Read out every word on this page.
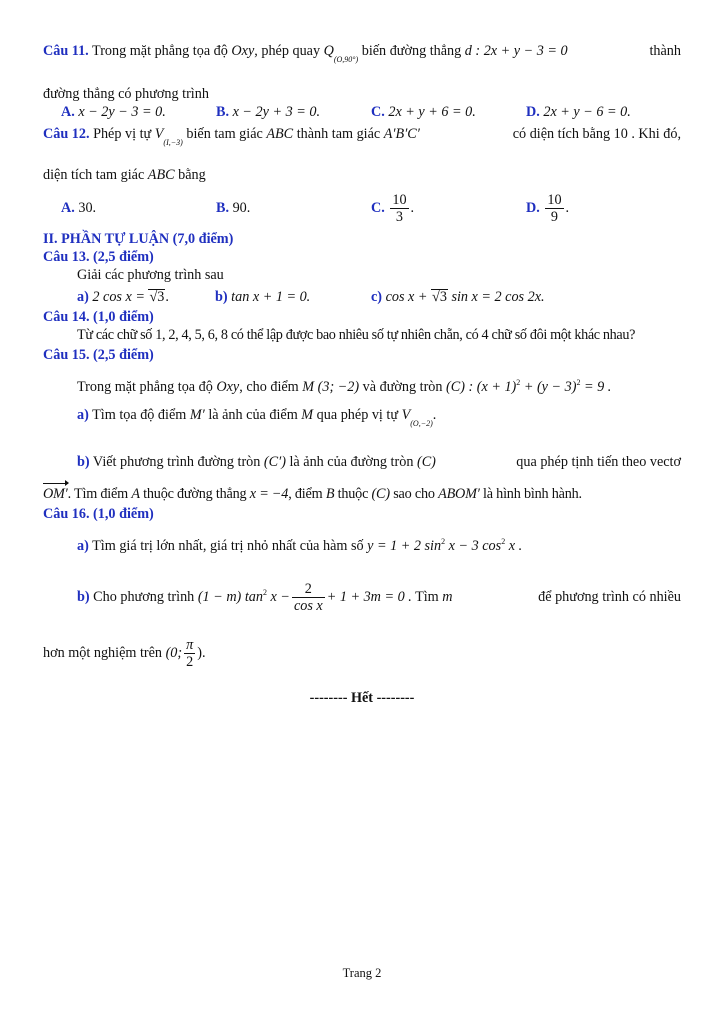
Câu 11. Trong mặt phẳng tọa độ Oxy, phép quay $Q_{(O,90^\circ)}$ biến đường thẳng d : 2x + y − 3 = 0	thành
đường thẳng có phương trình
A. x − 2y − 3 = 0.	B. x − 2y + 3 = 0.	C. 2x + y + 6 = 0.	D. 2x + y − 6 = 0.
Câu 12. Phép vị tự $V_{(I,-3)}$ biến tam giác ABC thành tam giác A′B′C′	có diện tích bằng 10 . Khi đó,
diện tích tam giác ABC bằng
A. 30.	B. 90.	C. $\frac{10}{3}$ .	D. $\frac{10}{9}$ .
II. PHẦN TỰ LUẬN (7,0 điểm)
Câu 13. (2,5 điểm)
Giải các phương trình sau
a) 2 cos x = √3.	b) tan x + 1 = 0.	c) cos x + √3 sin x = 2 cos 2x.
Câu 14. (1,0 điểm)
Từ các chữ số 1, 2, 4, 5, 6, 8 có thể lập được bao nhiêu số tự nhiên chẵn, có 4 chữ số đôi một khác nhau?
Câu 15. (2,5 điểm)
Trong mặt phẳng tọa độ Oxy, cho điểm M (3; −2) và đường tròn (C) : $(x + 1)^2 + (y - 3)^2 = 9$ .
a) Tìm tọa độ điểm M′ là ảnh của điểm M qua phép vị tự $V_{(O,-2)}$.
b) Viết phương trình đường tròn (C′) là ảnh của đường tròn (C)	qua phép tịnh tiến theo vectơ
OM′. Tìm điểm A thuộc đường thẳng x = −4, điểm B thuộc (C) sao cho ABOM′ là hình bình hành.
Câu 16. (1,0 điểm)
a) Tìm giá trị lớn nhất, giá trị nhỏ nhất của hàm số y = 1 + 2 $\sin^2 x - 3$ $\cos^2 x$ .
b) Cho phương trình (1 − m) $\tan^2 x - \frac{2}{\text{cos x}} + 1 + 3m = 0$ . Tìm m	để phương trình có nhiều
hơn một nghiệm trên
(0; $\frac{\pi}{2}$ ).
-------- Hết --------
Trang 2
